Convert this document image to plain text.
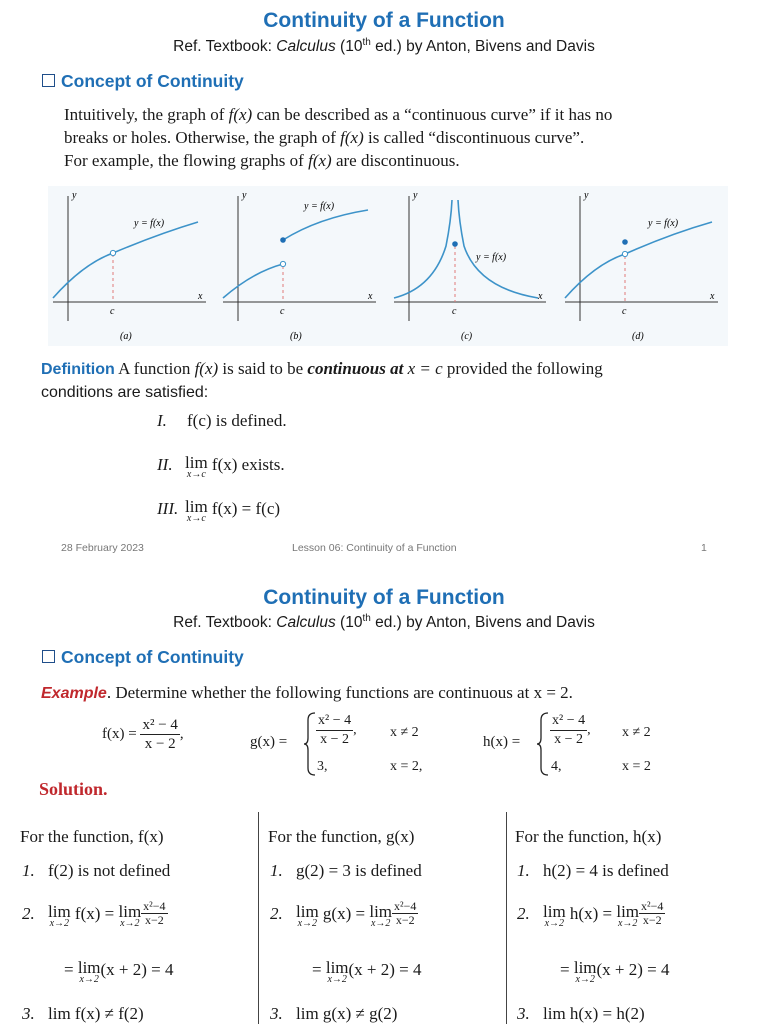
Continuity of a Function
Ref. Textbook: Calculus (10th ed.) by Anton, Bivens and Davis
Concept of Continuity
Intuitively, the graph of f(x) can be described as a “continuous curve” if it has no
breaks or holes. Otherwise, the graph of f(x) is called “discontinuous curve”.
For example, the flowing graphs of f(x) are discontinuous.
y
x
c
y = f(x)
(a)
y
x
c
y = f(x)
(b)
y
x
c
y = f(x)
(c)
y
x
c
y = f(x)
(d)
Definition A function f(x) is said to be continuous at x = c provided the following
conditions are satisfied:
I. f(c) is defined.
II. lim
x→c
f(x) exists.
III. lim
x→c
f(x) = f(c)
28 February 2023	Lesson 06: Continuity of a Function	1
Continuity of a Function
Ref. Textbook: Calculus (10th ed.) by Anton, Bivens and Davis
Concept of Continuity
Example. Determine whether the following functions are continuous at x = 2.
$f(x) = \frac{\text{x² − 4}}{x - 2}$ ,	$g(x) = \frac{\text{x² − 4}}{x - 2}$ , x ≠ 2
3,	x = 2,
$h(x) = \frac{\text{x² − 4}}{x - 2}$ , x ≠ 2
4,	x = 2
Solution.
For the function, f(x)
1. f(2) is not defined
2. lim
x→2
f(x) = lim
$x\to 2 \frac{\text{x²−4}}{x-2}$
= lim
x→2
(x + 2) = 4
3. lim f(x) ≠ f(2)
For the function, g(x)
1. g(2) = 3 is defined
2. lim
x→2
g(x) = lim
$x\to 2 \frac{\text{x²−4}}{x-2}$
= lim
x→2
(x + 2) = 4
3. lim g(x) ≠ g(2)
For the function, h(x)
1. h(2) = 4 is defined
2. lim
x→2
h(x) = lim
$x\to 2 \frac{\text{x²−4}}{x-2}$
= lim
x→2
(x + 2) = 4
3. lim h(x) = h(2)
